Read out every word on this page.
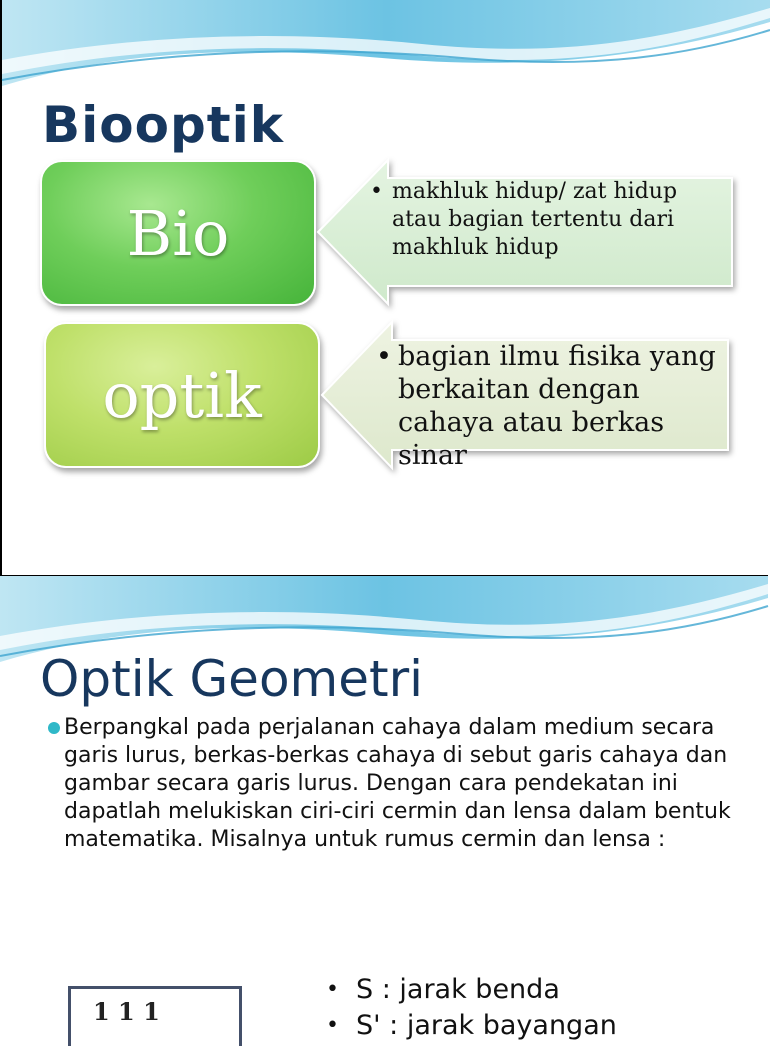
Biooptik
Bio
• makhluk hidup/ zat hidup atau bagian tertentu dari makhluk hidup
optik
• bagian ilmu fisika yang berkaitan dengan cahaya atau berkas sinar
Optik Geometri

Berpangkal pada perjalanan cahaya dalam medium secara garis lurus, berkas-berkas cahaya di sebut garis cahaya dan gambar secara garis lurus. Dengan cara pendekatan ini dapatlah melukiskan ciri-ciri cermin dan lensa dalam bentuk matematika. Misalnya untuk rumus cermin dan lensa :

1 1 1
• S : jarak benda
• S' : jarak bayangan
